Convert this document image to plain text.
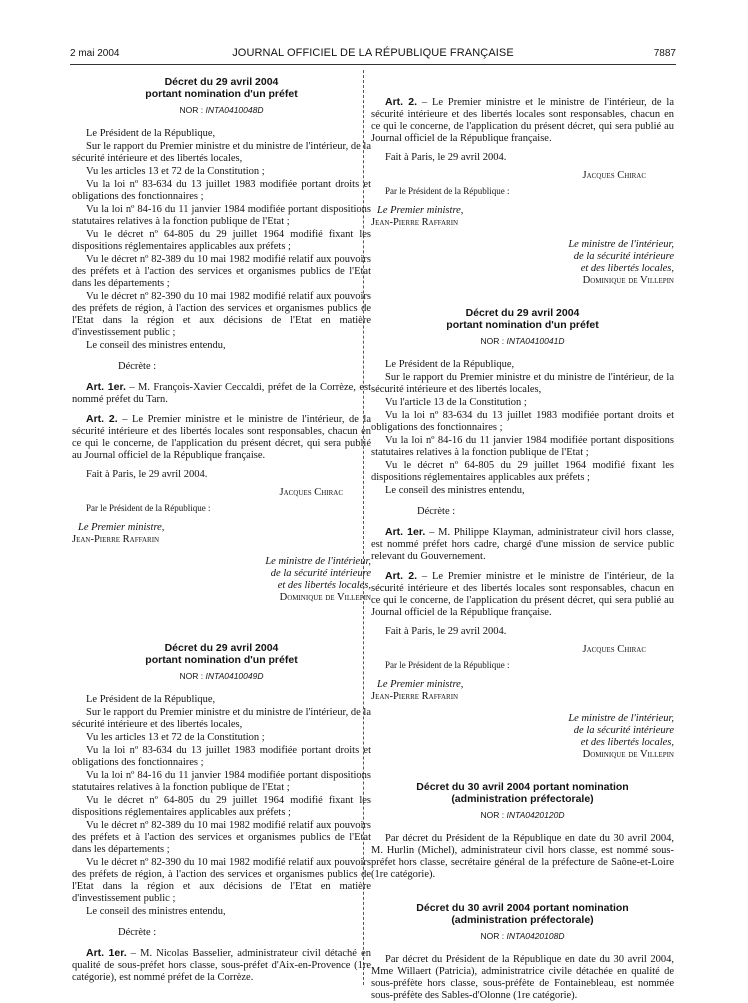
2 mai 2004	JOURNAL OFFICIEL DE LA RÉPUBLIQUE FRANÇAISE	7887
Décret du 29 avril 2004
portant nomination d'un préfet
NOR : INTA0410048D

Le Président de la République,

Sur le rapport du Premier ministre et du ministre de l'intérieur, de la sécurité intérieure et des libertés locales,

Vu les articles 13 et 72 de la Constitution ;

Vu la loi nº 83-634 du 13 juillet 1983 modifiée portant droits et obligations des fonctionnaires ;

Vu la loi nº 84-16 du 11 janvier 1984 modifiée portant dispositions statutaires relatives à la fonction publique de l'Etat ;

Vu le décret nº 64-805 du 29 juillet 1964 modifié fixant les dispositions réglementaires applicables aux préfets ;

Vu le décret nº 82-389 du 10 mai 1982 modifié relatif aux pouvoirs des préfets et à l'action des services et organismes publics de l'Etat dans les départements ;

Vu le décret nº 82-390 du 10 mai 1982 modifié relatif aux pouvoirs des préfets de région, à l'action des services et organismes publics de l'Etat dans la région et aux décisions de l'Etat en matière d'investissement public ;

Le conseil des ministres entendu,

Décrète :

Art. 1er. – M. François-Xavier Ceccaldi, préfet de la Corrèze, est nommé préfet du Tarn.

Art. 2. – Le Premier ministre et le ministre de l'intérieur, de la sécurité intérieure et des libertés locales sont responsables, chacun en ce qui le concerne, de l'application du présent décret, qui sera publié au Journal officiel de la République française.

Fait à Paris, le 29 avril 2004.

Jacques Chirac
Par le Président de la République :
Le Premier ministre,
Jean-Pierre Raffarin
Le ministre de l'intérieur,
de la sécurité intérieure
et des libertés locales,
Dominique de Villepin
Décret du 29 avril 2004
portant nomination d'un préfet
NOR : INTA0410049D

Le Président de la République,

Sur le rapport du Premier ministre et du ministre de l'intérieur, de la sécurité intérieure et des libertés locales,

Vu les articles 13 et 72 de la Constitution ;

Vu la loi nº 83-634 du 13 juillet 1983 modifiée portant droits et obligations des fonctionnaires ;

Vu la loi nº 84-16 du 11 janvier 1984 modifiée portant dispositions statutaires relatives à la fonction publique de l'Etat ;

Vu le décret nº 64-805 du 29 juillet 1964 modifié fixant les dispositions réglementaires applicables aux préfets ;

Vu le décret nº 82-389 du 10 mai 1982 modifié relatif aux pouvoirs des préfets et à l'action des services et organismes publics de l'Etat dans les départements ;

Vu le décret nº 82-390 du 10 mai 1982 modifié relatif aux pouvoirs des préfets de région, à l'action des services et organismes publics de l'Etat dans la région et aux décisions de l'Etat en matière d'investissement public ;

Le conseil des ministres entendu,

Décrète :

Art. 1er. – M. Nicolas Basselier, administrateur civil détaché en qualité de sous-préfet hors classe, sous-préfet d'Aix-en-Provence (1re catégorie), est nommé préfet de la Corrèze.

Art. 2. – Le Premier ministre et le ministre de l'intérieur, de la sécurité intérieure et des libertés locales sont responsables, chacun en ce qui le concerne, de l'application du présent décret, qui sera publié au Journal officiel de la République française.

Fait à Paris, le 29 avril 2004.

Jacques Chirac
Par le Président de la République :
Le Premier ministre,
Jean-Pierre Raffarin
Le ministre de l'intérieur,
de la sécurité intérieure
et des libertés locales,
Dominique de Villepin
Décret du 29 avril 2004
portant nomination d'un préfet
NOR : INTA0410041D

Le Président de la République,

Sur le rapport du Premier ministre et du ministre de l'intérieur, de la sécurité intérieure et des libertés locales,

Vu l'article 13 de la Constitution ;

Vu la loi nº 83-634 du 13 juillet 1983 modifiée portant droits et obligations des fonctionnaires ;

Vu la loi nº 84-16 du 11 janvier 1984 modifiée portant dispositions statutaires relatives à la fonction publique de l'Etat ;

Vu le décret nº 64-805 du 29 juillet 1964 modifié fixant les dispositions réglementaires applicables aux préfets ;

Le conseil des ministres entendu,

Décrète :

Art. 1er. – M. Philippe Klayman, administrateur civil hors classe, est nommé préfet hors cadre, chargé d'une mission de service public relevant du Gouvernement.

Art. 2. – Le Premier ministre et le ministre de l'intérieur, de la sécurité intérieure et des libertés locales sont responsables, chacun en ce qui le concerne, de l'application du présent décret, qui sera publié au Journal officiel de la République française.

Fait à Paris, le 29 avril 2004.

Jacques Chirac
Par le Président de la République :
Le Premier ministre,
Jean-Pierre Raffarin
Le ministre de l'intérieur,
de la sécurité intérieure
et des libertés locales,
Dominique de Villepin
Décret du 30 avril 2004 portant nomination
(administration préfectorale)
NOR : INTA0420120D

Par décret du Président de la République en date du 30 avril 2004, M. Hurlin (Michel), administrateur civil hors classe, est nommé sous-préfet hors classe, secrétaire général de la préfecture de Saône-et-Loire (1re catégorie).

Décret du 30 avril 2004 portant nomination
(administration préfectorale)
NOR : INTA0420108D

Par décret du Président de la République en date du 30 avril 2004, Mme Willaert (Patricia), administratrice civile détachée en qualité de sous-préfète hors classe, sous-préfète de Fontainebleau, est nommée sous-préfète des Sables-d'Olonne (1re catégorie).
